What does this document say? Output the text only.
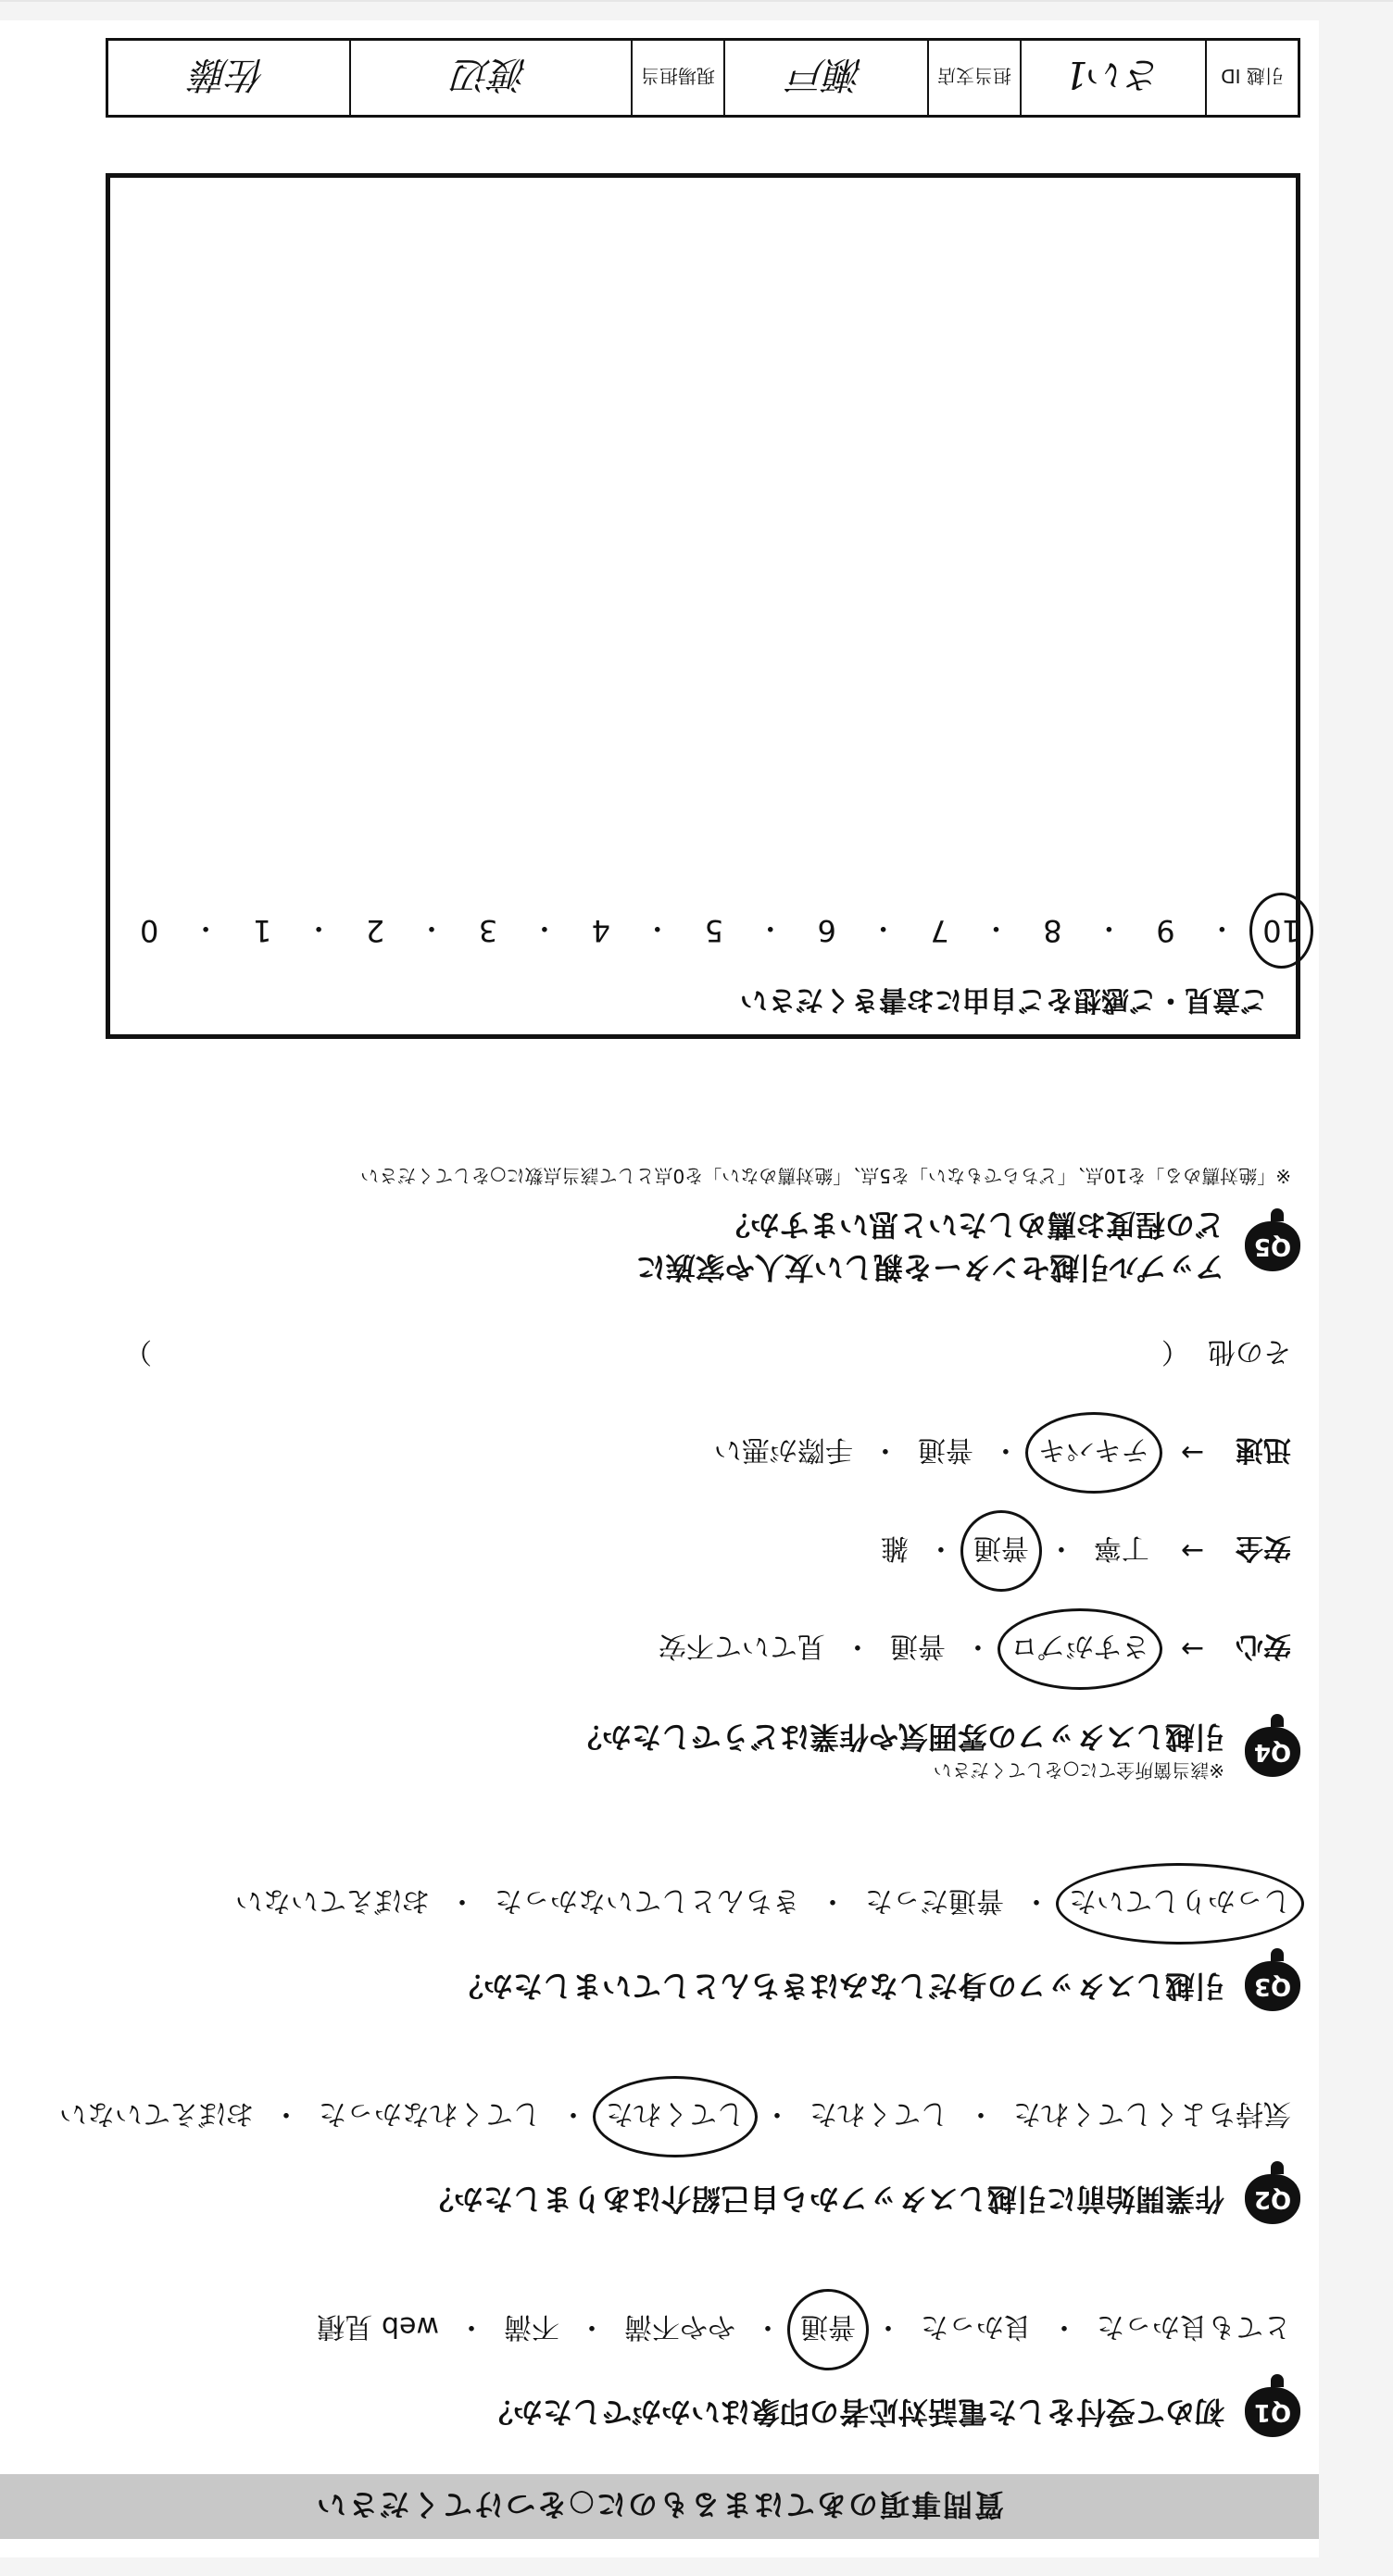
質問事項のあてはまるものに○をつけてください
Q1
初めて受付をした電話対応者の印象はいかがでしたか？
とても良かった
・
良かった
・
普通
・
やや不満
・
不満
・
web 見積
Q2
作業開始前に引越しスタッフから自己紹介はありましたか？
気持ちよくしてくれた
・
してくれた
・
してくれた
・
してくれなかった
・
おぼえていない
Q3
引越しスタッフの身だしなみはきちんとしていましたか？
しっかりしていた
・
普通だった
・
きちんとしていなかった
・
おぼえていない
Q4
※該当箇所全てに○をしてください
引越しスタッフの雰囲気や作業はどうでしたか？
安心
→
さすがプロ
・
普通
・
見ていて不安
安全
→
丁寧
・
普通
・
雑
迅速
→
テキパキ
・
普通
・
手際が悪い
その他
（
）
Q5
アップル引越センターを親しい友人や家族に
どの程度お薦めしたいと思いますか？
※「絶対薦める」を10点、「どちらでもない」を5点、「絶対薦めない」を0点として該当点数に○をしてください
10
・
9
・
8
・
7
・
6
・
5
・
4
・
3
・
2
・
1
・
0
ご意見・ご感想をご自由にお書きください
引越 ID
さい1
担当支店
瀬戸
現場担当
渡辺
佐藤
